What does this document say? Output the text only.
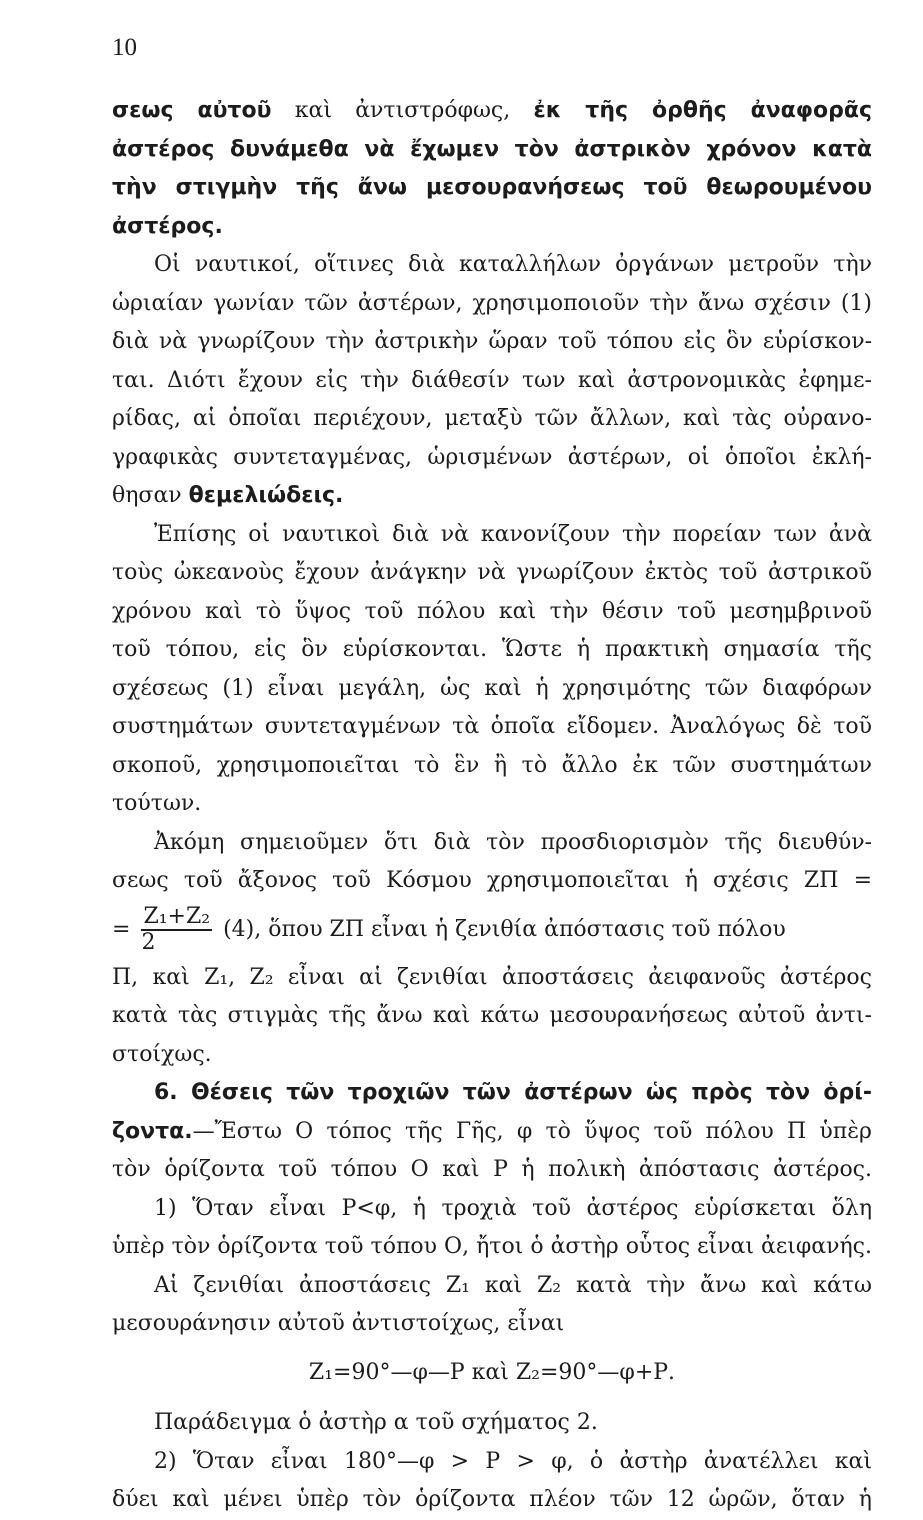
10
σεως αὐτοῦ καὶ ἀντιστρόφως, ἐκ τῆς ὀρθῆς ἀναφορᾶς
ἀστέρος δυνάμεθα νὰ ἔχωμεν τὸν ἀστρικὸν χρόνον κατὰ
τὴν στιγμὴν τῆς ἄνω μεσουρανήσεως τοῦ θεωρουμένου
ἀστέρος.
Οἱ ναυτικοί, οἵτινες διὰ καταλλήλων ὀργάνων μετροῦν τὴν
ὡριαίαν γωνίαν τῶν ἀστέρων, χρησιμοποιοῦν τὴν ἄνω σχέσιν (1)
διὰ νὰ γνωρίζουν τὴν ἀστρικὴν ὥραν τοῦ τόπου εἰς ὃν εὑρίσκον-
ται. Διότι ἔχουν εἰς τὴν διάθεσίν των καὶ ἀστρονομικὰς ἐφημε-
ρίδας, αἱ ὁποῖαι περιέχουν, μεταξὺ τῶν ἄλλων, καὶ τὰς οὐρανο-
γραφικὰς συντεταγμένας, ὡρισμένων ἀστέρων, οἱ ὁποῖοι ἐκλή-
θησαν θεμελιώδεις.
Ἐπίσης οἱ ναυτικοὶ διὰ νὰ κανονίζουν τὴν πορείαν των ἀνὰ
τοὺς ὠκεανοὺς ἔχουν ἀνάγκην νὰ γνωρίζουν ἐκτὸς τοῦ ἀστρικοῦ
χρόνου καὶ τὸ ὕψος τοῦ πόλου καὶ τὴν θέσιν τοῦ μεσημβρινοῦ
τοῦ τόπου, εἰς ὃν εὑρίσκονται. Ὥστε ἡ πρακτικὴ σημασία τῆς
σχέσεως (1) εἶναι μεγάλη, ὡς καὶ ἡ χρησιμότης τῶν διαφόρων
συστημάτων συντεταγμένων τὰ ὁποῖα εἴδομεν. Ἀναλόγως δὲ τοῦ
σκοποῦ, χρησιμοποιεῖται τὸ ἓν ἢ τὸ ἄλλο ἐκ τῶν συστημάτων
τούτων.
Ἀκόμη σημειοῦμεν ὅτι διὰ τὸν προσδιορισμὸν τῆς διευθύν-
σεως τοῦ ἄξονος τοῦ Κόσμου χρησιμοποιεῖται ἡ σχέσις ΖΠ =
= $\frac{\text{Ζ₁+Ζ₂}}{2} (4)$, ὅπου ΖΠ εἶναι ἡ ζενιθία ἀπόστασις τοῦ πόλου
Π, καὶ Ζ₁, Ζ₂ εἶναι αἱ ζενιθίαι ἀποστάσεις ἀειφανοῦς ἀστέρος
κατὰ τὰς στιγμὰς τῆς ἄνω καὶ κάτω μεσουρανήσεως αὐτοῦ ἀντι-
στοίχως.
6. Θέσεις τῶν τροχιῶν τῶν ἀστέρων ὡς πρὸς τὸν ὁρί-
ζοντα.—Ἔστω Ο τόπος τῆς Γῆς, φ τὸ ὕψος τοῦ πόλου Π ὑπὲρ
τὸν ὁρίζοντα τοῦ τόπου Ο καὶ Ρ ἡ πολικὴ ἀπόστασις ἀστέρος.
1) Ὅταν εἶναι Ρ<φ, ἡ τροχιὰ τοῦ ἀστέρος εὑρίσκεται ὅλη
ὑπὲρ τὸν ὁρίζοντα τοῦ τόπου Ο, ἤτοι ὁ ἀστὴρ οὗτος εἶναι ἀειφανής.
Αἱ ζενιθίαι ἀποστάσεις Ζ₁ καὶ Ζ₂ κατὰ τὴν ἄνω καὶ κάτω
μεσουράνησιν αὐτοῦ ἀντιστοίχως, εἶναι
Ζ₁=90°—φ—Ρ καὶ Ζ₂=90°—φ+Ρ.
Παράδειγμα ὁ ἀστὴρ α τοῦ σχήματος 2.
2) Ὅταν εἶναι 180°—φ > Ρ > φ, ὁ ἀστὴρ ἀνατέλλει καὶ
δύει καὶ μένει ὑπὲρ τὸν ὁρίζοντα πλέον τῶν 12 ὡρῶν, ὅταν ἡ
